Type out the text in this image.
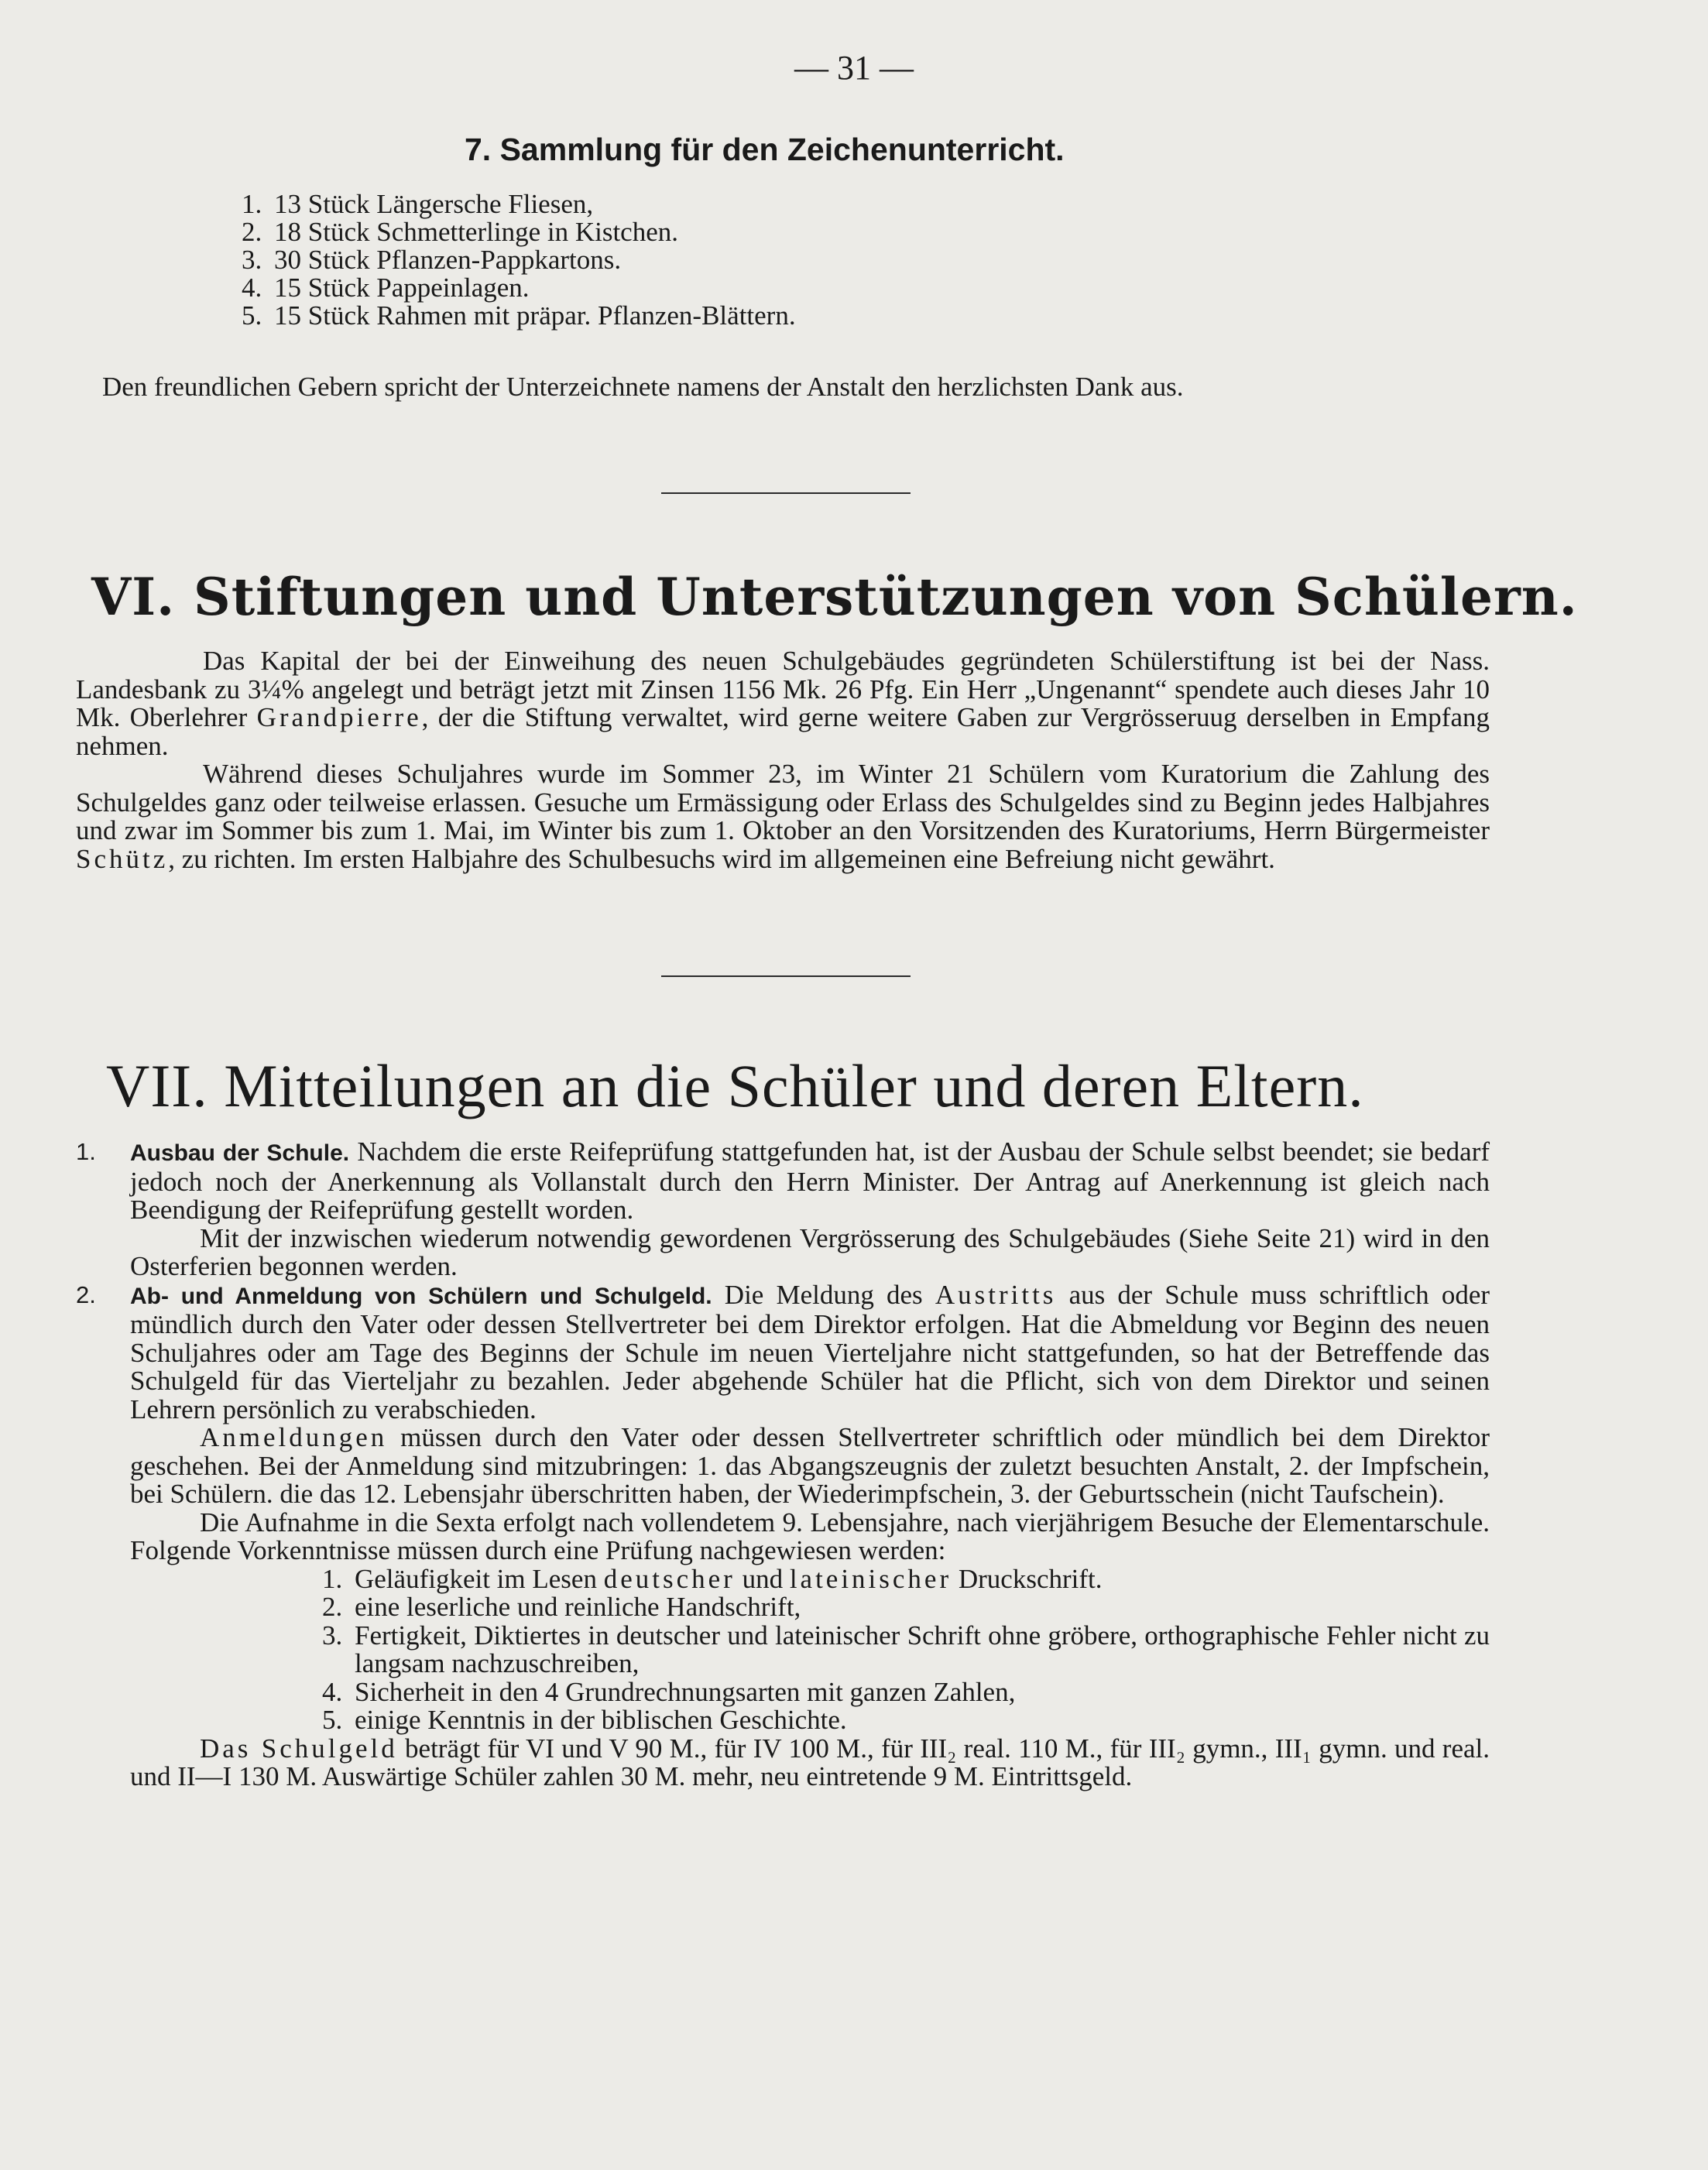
— 31 —
7. Sammlung für den Zeichenunterricht.
1. 13 Stück Längersche Fliesen,
2. 18 Stück Schmetterlinge in Kistchen.
3. 30 Stück Pflanzen-Pappkartons.
4. 15 Stück Pappeinlagen.
5. 15 Stück Rahmen mit präpar. Pflanzen-Blättern.
Den freundlichen Gebern spricht der Unterzeichnete namens der Anstalt den herzlichsten Dank aus.
VI. Stiftungen und Unterstützungen von Schülern.

Das Kapital der bei der Einweihung des neuen Schulgebäudes gegründeten Schülerstiftung ist bei der Nass. Landesbank zu 3¼% angelegt und beträgt jetzt mit Zinsen 1156 Mk. 26 Pfg. Ein Herr „Ungenannt“ spendete auch dieses Jahr 10 Mk. Oberlehrer Grandpierre, der die Stiftung verwaltet, wird gerne weitere Gaben zur Vergrösseruug derselben in Empfang nehmen.

Während dieses Schuljahres wurde im Sommer 23, im Winter 21 Schülern vom Kuratorium die Zahlung des Schulgeldes ganz oder teilweise erlassen. Gesuche um Ermässigung oder Erlass des Schulgeldes sind zu Beginn jedes Halbjahres und zwar im Sommer bis zum 1. Mai, im Winter bis zum 1. Oktober an den Vorsitzenden des Kuratoriums, Herrn Bürgermeister Schütz, zu richten. Im ersten Halbjahre des Schulbesuchs wird im allgemeinen eine Befreiung nicht gewährt.

VII. Mitteilungen an die Schüler und deren Eltern.
1. Ausbau der Schule. Nachdem die erste Reifeprüfung stattgefunden hat, ist der Ausbau der Schule selbst beendet; sie bedarf jedoch noch der Anerkennung als Vollanstalt durch den Herrn Minister. Der Antrag auf Anerkennung ist gleich nach Beendigung der Reifeprüfung gestellt worden.

Mit der inzwischen wiederum notwendig gewordenen Vergrösserung des Schulgebäudes (Siehe Seite 21) wird in den Osterferien begonnen werden.

2. Ab- und Anmeldung von Schülern und Schulgeld. Die Meldung des Austritts aus der Schule muss schriftlich oder mündlich durch den Vater oder dessen Stellvertreter bei dem Direktor erfolgen. Hat die Abmeldung vor Beginn des neuen Schuljahres oder am Tage des Beginns der Schule im neuen Vierteljahre nicht stattgefunden, so hat der Betreffende das Schulgeld für das Vierteljahr zu bezahlen. Jeder abgehende Schüler hat die Pflicht, sich von dem Direktor und seinen Lehrern persönlich zu verabschieden.

Anmeldungen müssen durch den Vater oder dessen Stellvertreter schriftlich oder mündlich bei dem Direktor geschehen. Bei der Anmeldung sind mitzubringen: 1. das Abgangszeugnis der zuletzt besuchten Anstalt, 2. der Impfschein, bei Schülern. die das 12. Lebensjahr überschritten haben, der Wiederimpfschein, 3. der Geburtsschein (nicht Taufschein).

Die Aufnahme in die Sexta erfolgt nach vollendetem 9. Lebensjahre, nach vierjährigem Besuche der Elementarschule. Folgende Vorkenntnisse müssen durch eine Prüfung nachgewiesen werden:

1. Geläufigkeit im Lesen deutscher und lateinischer Druckschrift.
2. eine leserliche und reinliche Handschrift,
3. Fertigkeit, Diktiertes in deutscher und lateinischer Schrift ohne gröbere, orthographische Fehler nicht zu langsam nachzuschreiben,
4. Sicherheit in den 4 Grundrechnungsarten mit ganzen Zahlen,
5. einige Kenntnis in der biblischen Geschichte.

Das Schulgeld beträgt für VI und V 90 M., für IV 100 M., für III₂ real. 110 M., für III₂ gymn., III₁ gymn. und real. und II—I 130 M. Auswärtige Schüler zahlen 30 M. mehr, neu eintretende 9 M. Eintrittsgeld.
